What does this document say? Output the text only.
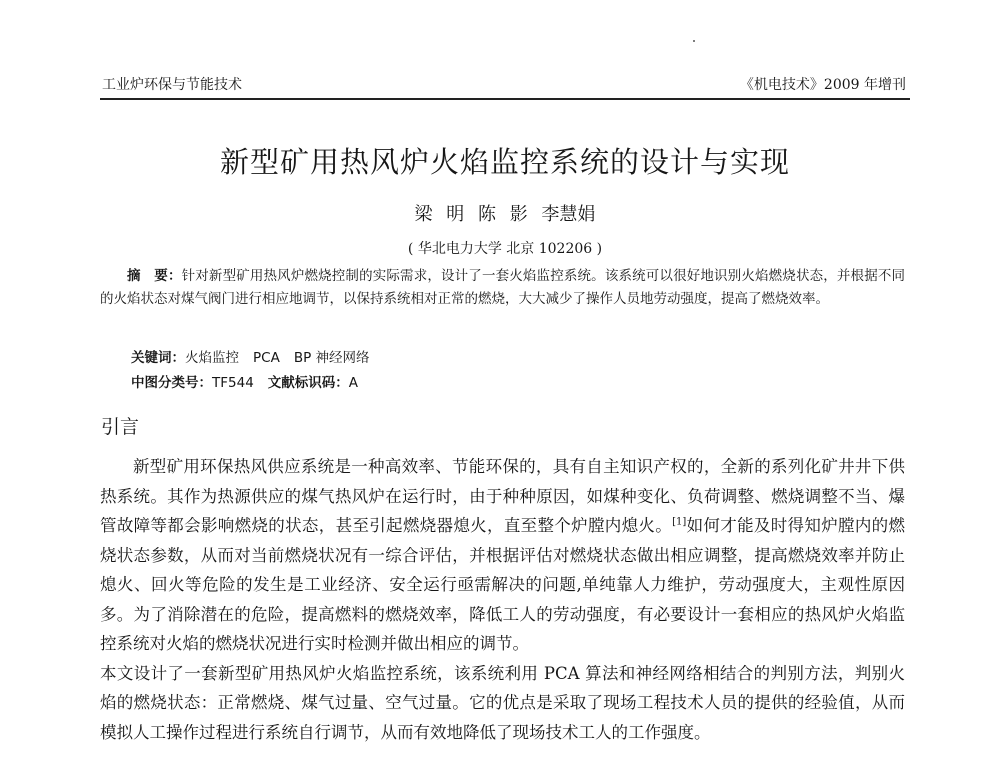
工业炉环保与节能技术	《机电技术》2009 年增刊
新型矿用热风炉火焰监控系统的设计与实现
梁 明 陈 影 李慧娟
( 华北电力大学 北京 102206 )

摘　要：针对新型矿用热风炉燃烧控制的实际需求，设计了一套火焰监控系统。该系统可以很好地识别火焰燃烧状态，并根据不同的火焰状态对煤气阀门进行相应地调节，以保持系统相对正常的燃烧，大大减少了操作人员地劳动强度，提高了燃烧效率。

关键词：火焰监控 PCA BP 神经网络
中图分类号：TF544 文献标识码：A
引言

新型矿用环保热风供应系统是一种高效率、节能环保的，具有自主知识产权的，全新的系列化矿井井下供热系统。其作为热源供应的煤气热风炉在运行时，由于种种原因，如煤种变化、负荷调整、燃烧调整不当、爆管故障等都会影响燃烧的状态，甚至引起燃烧器熄火，直至整个炉膛内熄火。[1]如何才能及时得知炉膛内的燃烧状态参数，从而对当前燃烧状况有一综合评估，并根据评估对燃烧状态做出相应调整，提高燃烧效率并防止熄火、回火等危险的发生是工业经济、安全运行亟需解决的问题,单纯靠人力维护，劳动强度大，主观性原因多。为了消除潜在的危险，提高燃料的燃烧效率，降低工人的劳动强度，有必要设计一套相应的热风炉火焰监控系统对火焰的燃烧状况进行实时检测并做出相应的调节。

本文设计了一套新型矿用热风炉火焰监控系统，该系统利用 PCA 算法和神经网络相结合的判别方法，判别火焰的燃烧状态：正常燃烧、煤气过量、空气过量。它的优点是采取了现场工程技术人员的提供的经验值，从而模拟人工操作过程进行系统自行调节，从而有效地降低了现场技术工人的工作强度。
